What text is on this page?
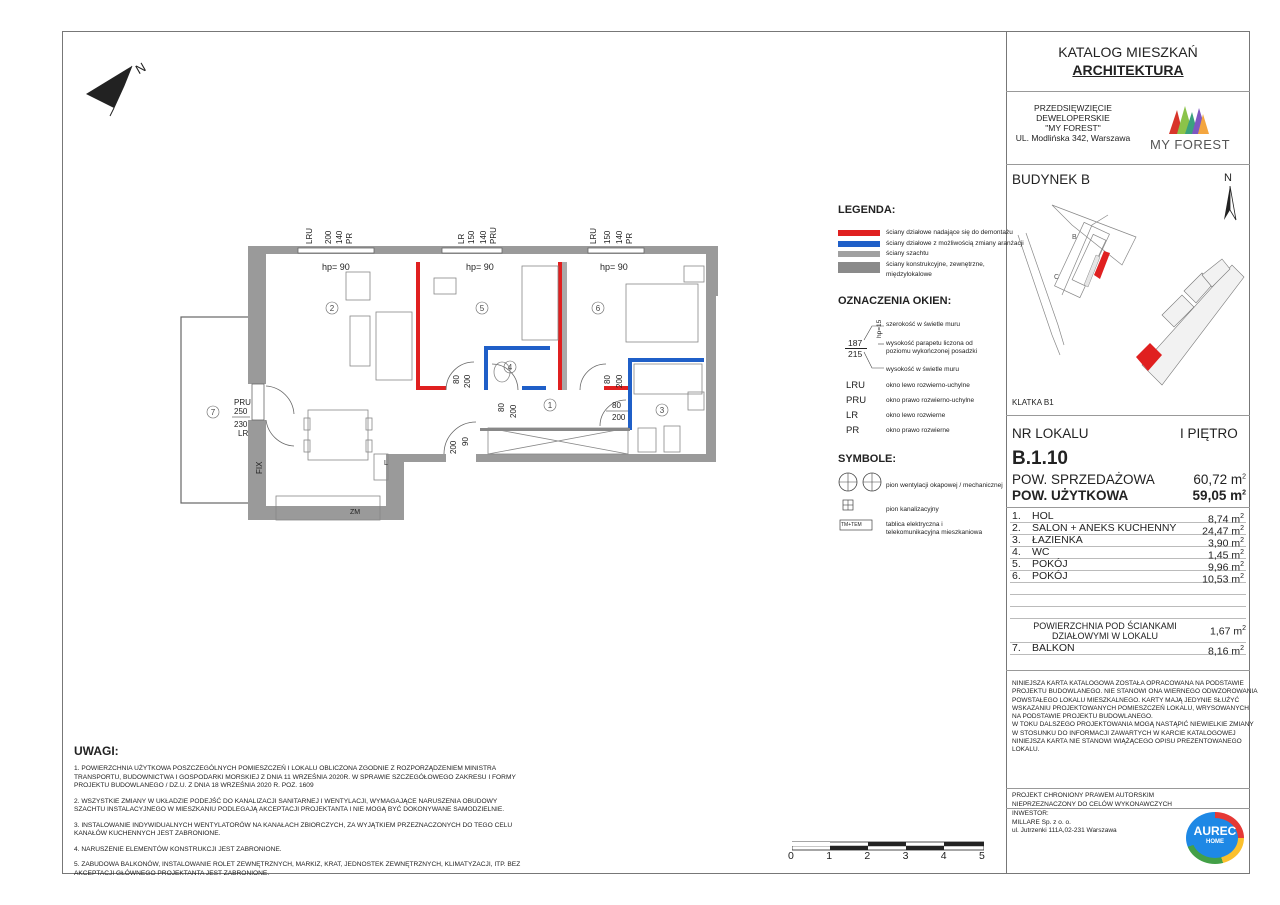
KATALOG MIESZKAŃ
ARCHITEKTURA
PRZEDSIĘWZIĘCIE
DEWELOPERSKIE
"MY FOREST"
UL. Modlińska 342, Warszawa	MY FOREST
BUDYNEK B	N
B
C
KLATKA B1
NR LOKALU	I PIĘTRO
B.1.10
POW. SPRZEDAŻOWA	60,72 $m^2$
POW. UŻYTKOWA	59,05 $m^2$
1. HOL	8,74 $m^2$
2. SALON + ANEKS KUCHENNY 24,47 $m^2$
3. ŁAZIENKA	3,90 $m^2$
4. WC	1,45 $m^2$
5. POKÓJ	9,96 $m^2$
6. POKÓJ	10,53 $m^2$
POWIERZCHNIA POD ŚCIANKAMI
DZIAŁOWYMI W LOKALU	1,67 $m^2$
7. BALKON	8,16 $m^2$
NINIEJSZA KARTA KATALOGOWA ZOSTAŁA OPRACOWANA NA PODSTAWIE
PROJEKTU BUDOWLANEGO. NIE STANOWI ONA WIERNEGO ODWZOROWANIA
POWSTAŁEGO LOKALU MIESZKALNEGO. KARTY MAJĄ JEDYNIE SŁUŻYĆ
WSKAZANIU PROJEKTOWANYCH POMIESZCZEŃ LOKALU, WRYSOWANYCH
NA PODSTAWIE PROJEKTU BUDOWLANEGO.
W TOKU DALSZEGO PROJEKTOWANIA MOGĄ NASTĄPIĆ NIEWIELKIE ZMIANY
W STOSUNKU DO INFORMACJI ZAWARTYCH W KARCIE KATALOGOWEJ
NINIEJSZA KARTA NIE STANOWI WIĄŻĄCEGO OPISU PREZENTOWANEGO
LOKALU.
PROJEKT CHRONIONY PRAWEM AUTORSKIM
NIEPRZEZNACZONY DO CELÓW WYKONAWCZYCH
INWESTOR:
MILLARE Sp. z o. o.
ul. Jutrzenki 111A,02-231 Warszawa	AUREC
HOME
N
LRU 200 140 PR	LR 150 140 PRU	LRU 150 140 PR
hp= 90	hp= 90	hp= 90
PRU
250
230
LR
FIX
80 200
80 200
80 200
80
200
90
200
L
ZM
1
2
3
4
5	6
7
LEGENDA:
ściany działowe nadające się do demontażu
ściany działowe z możliwością zmiany aranżacji
ściany szachtu
ściany konstrukcyjne, zewnętrzne,
międzylokalowe
OZNACZENIA OKIEN:
187
215
hp=15 szerokość w świetle muru
wysokość parapetu liczona od
poziomu wykończonej posadzki
wysokość w świetle muru
LRU	okno lewo rozwierno-uchylne
PRU	okno prawo rozwierno-uchylne
LR	okno lewo rozwierne
PR	okno prawo rozwierne
SYMBOLE:
TM+TEM
pion wentylacji okapowej / mechanicznej
pion kanalizacyjny
tablica elektryczna i
telekomunikacyjna mieszkaniowa
UWAGI:

1. POWIERZCHNIA UŻYTKOWA POSZCZEGÓLNYCH POMIESZCZEŃ I LOKALU OBLICZONA ZGODNIE Z ROZPORZĄDZENIEM MINISTRA TRANSPORTU, BUDOWNICTWA I GOSPODARKI MORSKIEJ Z DNIA 11 WRZEŚNIA 2020R. W SPRAWIE SZCZEGÓŁOWEGO ZAKRESU I FORMY PROJEKTU BUDOWLANEGO / DZ.U. Z DNIA 18 WRZEŚNIA 2020 R. POZ. 1609

2. WSZYSTKIE ZMIANY W UKŁADZIE PODEJŚĆ DO KANALIZACJI SANITARNEJ I WENTYLACJI, WYMAGAJĄCE NARUSZENIA OBUDOWY SZACHTU INSTALACYJNEGO W MIESZKANIU PODLEGAJĄ AKCEPTACJI PROJEKTANTA I NIE MOGĄ BYĆ DOKONYWANE SAMODZIELNIE.

3. INSTALOWANIE INDYWIDUALNYCH WENTYLATORÓW NA KANAŁACH ZBIORCZYCH, ZA WYJĄTKIEM PRZEZNACZONYCH DO TEGO CELU KANAŁÓW KUCHENNYCH JEST ZABRONIONE.

4. NARUSZENIE ELEMENTÓW KONSTRUKCJI JEST ZABRONIONE.

5. ZABUDOWA BALKONÓW, INSTALOWANIE ROLET ZEWNĘTRZNYCH, MARKIZ, KRAT, JEDNOSTEK ZEWNĘTRZNYCH, KLIMATYZACJI, ITP. BEZ AKCEPTACJI GŁÓWNEGO PROJEKTANTA JEST ZABRONIONE.

0	1	2	3	4	5
